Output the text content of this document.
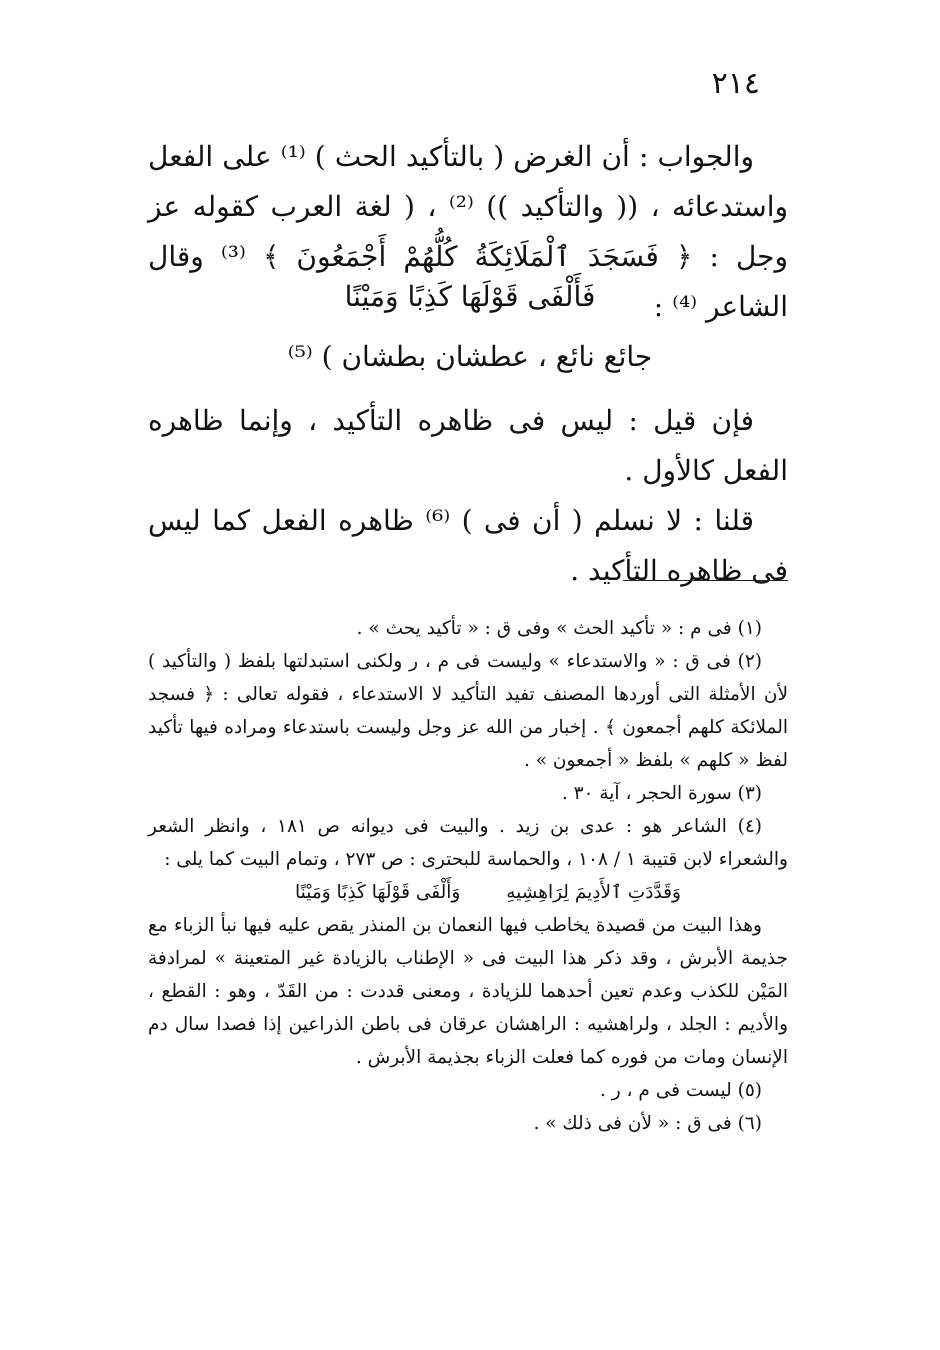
٢١٤

والجواب : أن الغرض ( بالتأكيد الحث ) ⁽¹⁾ على الفعل واستدعائه ، (( والتأكيد )) ⁽²⁾ ، ( لغة العرب كقوله عز وجل : ﴿ فَسَجَدَ ٱلْمَلَائِكَةُ كُلُّهُمْ أَجْمَعُونَ ﴾ ⁽³⁾ وقال الشاعر ⁽⁴⁾ :

فَأَلْفَى قَوْلَهَا كَذِبًا وَمَيْنًا
جائع نائع ، عطشان بطشان ) ⁽⁵⁾

فإن قيل : ليس فى ظاهره التأكيد ، وإنما ظاهره الفعل كالأول .

قلنا : لا نسلم ( أن فى ) ⁽⁶⁾ ظاهره الفعل كما ليس فى ظاهره التأكيد .

(١) فى م : « تأكيد الحث » وفى ق : « تأكيد يحث » .

(٢) فى ق : « والاستدعاء » وليست فى م ، ر ولكنى استبدلتها بلفظ ( والتأكيد ) لأن الأمثلة التى أوردها المصنف تفيد التأكيد لا الاستدعاء ، فقوله تعالى : ﴿ فسجد الملائكة كلهم أجمعون ﴾ . إخبار من الله عز وجل وليست باستدعاء ومراده فيها تأكيد لفظ « كلهم » بلفظ « أجمعون » .

(٣) سورة الحجر ، آية ٣٠ .

(٤) الشاعر هو : عدى بن زيد . والبيت فى ديوانه ص ١٨١ ، وانظر الشعر والشعراء لابن قتيبة ١ / ١٠٨ ، والحماسة للبحترى : ص ٢٧٣ ، وتمام البيت كما يلى :

وَقَدَّدَتِ ٱلأَدِيمَ لِرَاهِشِيهِ وَأَلْفَى قَوْلَهَا كَذِبًا وَمَيْنًا

وهذا البيت من قصيدة يخاطب فيها النعمان بن المنذر يقص عليه فيها نبأ الزباء مع جذيمة الأبرش ، وقد ذكر هذا البيت فى « الإطناب بالزيادة غير المتعينة » لمرادفة المَيْن للكذب وعدم تعين أحدهما للزيادة ، ومعنى قددت : من القَدّ ، وهو : القطع ، والأديم : الجلد ، ولراهشيه : الراهشان عرقان فى باطن الذراعين إذا فصدا سال دم الإنسان ومات من فوره كما فعلت الزباء بجذيمة الأبرش .

(٥) ليست فى م ، ر .

(٦) فى ق : « لأن فى ذلك » .
